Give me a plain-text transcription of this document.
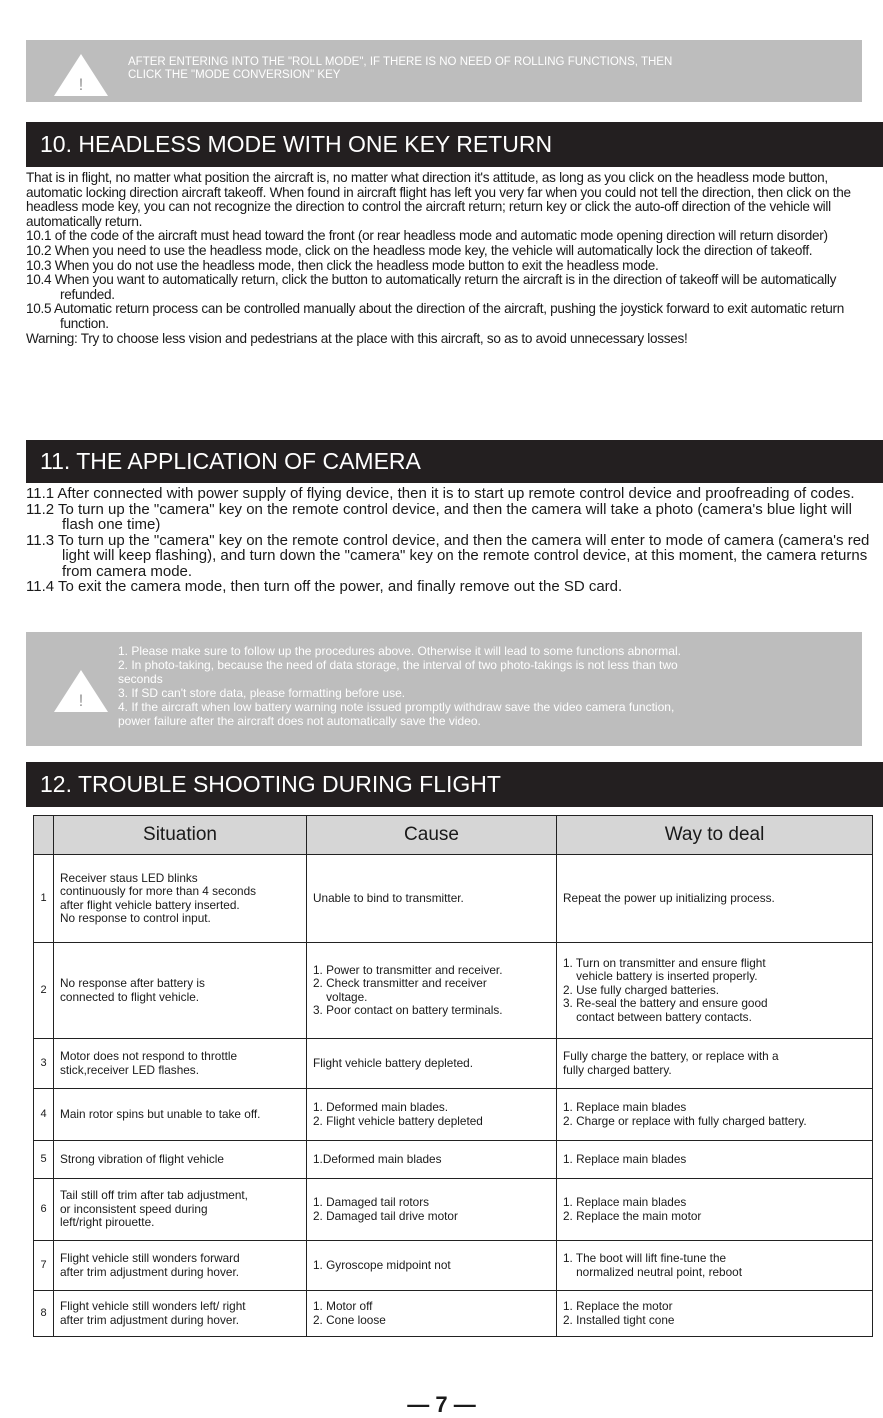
!
AFTER ENTERING INTO THE "ROLL MODE", IF THERE IS NO NEED OF ROLLING FUNCTIONS, THEN
CLICK THE "MODE CONVERSION" KEY
10. HEADLESS MODE WITH ONE KEY RETURN

That is in flight, no matter what position the aircraft is, no matter what direction it's attitude, as long as you click on the headless mode button, automatic locking direction aircraft takeoff. When found in aircraft flight has left you very far when you could not tell the direction, then click on the headless mode key, you can not recognize the direction to control the aircraft return; return key or click the auto-off direction of the vehicle will automatically return.

10.1 of the code of the aircraft must head toward the front (or rear headless mode and automatic mode opening direction will return disorder)

10.2 When you need to use the headless mode, click on the headless mode key, the vehicle will automatically lock the direction of takeoff.

10.3 When you do not use the headless mode, then click the headless mode button to exit the headless mode.

10.4 When you want to automatically return, click the button to automatically return the aircraft is in the direction of takeoff will be automatically refunded.

10.5 Automatic return process can be controlled manually about the direction of the aircraft, pushing the joystick forward to exit automatic return function.

Warning: Try to choose less vision and pedestrians at the place with this aircraft, so as to avoid unnecessary losses!

11. THE APPLICATION OF CAMERA

11.1 After connected with power supply of flying device, then it is to start up remote control device and proofreading of codes.

11.2 To turn up the "camera" key on the remote control device, and then the camera will take a photo (camera's blue light will flash one time)

11.3 To turn up the "camera" key on the remote control device, and then the camera will enter to mode of camera (camera's red light will keep flashing), and turn down the "camera" key on the remote control device, at this moment, the camera returns from camera mode.

11.4 To exit the camera mode, then turn off the power, and finally remove out the SD card.

!
1. Please make sure to follow up the procedures above. Otherwise it will lead to some functions abnormal.
2. In photo-taking, because the need of data storage, the interval of two photo-takings is not less than two
seconds
3. If SD can't store data, please formatting before use.
4. If the aircraft when low battery warning note issued promptly withdraw save the video camera function,
power failure after the aircraft does not automatically save the video.
12. TROUBLE SHOOTING DURING FLIGHT
	Situation	Cause	Way to deal
1	Receiver staus LED blinks
continuously for more than 4 seconds
after flight vehicle battery inserted.
No response to control input.	Unable to bind to transmitter.	Repeat the power up initializing process.

2	No response after battery is
connected to flight vehicle.	1. Power to transmitter and receiver.
2. Check transmitter and receiver
voltage.
3. Poor contact on battery terminals.	1. Turn on transmitter and ensure flight
vehicle battery is inserted properly.
2. Use fully charged batteries.
3. Re-seal the battery and ensure good
contact between battery contacts.

3	Motor does not respond to throttle
stick,receiver LED flashes.	Flight vehicle battery depleted.	Fully charge the battery, or replace with a
fully charged battery.

4	Main rotor spins but unable to take off.	1. Deformed main blades.
2. Flight vehicle battery depleted	1. Replace main blades
2. Charge or replace with fully charged battery.

5	Strong vibration of flight vehicle	1.Deformed main blades	1. Replace main blades

6	Tail still off trim after tab adjustment,
or inconsistent speed during
left/right pirouette.	1. Damaged tail rotors
2. Damaged tail drive motor	1. Replace main blades
2. Replace the main motor

7	Flight vehicle still wonders forward
after trim adjustment during hover.	1. Gyroscope midpoint not	1. The boot will lift fine-tune the
normalized neutral point, reboot

8	Flight vehicle still wonders left/ right
after trim adjustment during hover.	1. Motor off
2. Cone loose	1. Replace the motor
2. Installed tight cone
— 7 —
